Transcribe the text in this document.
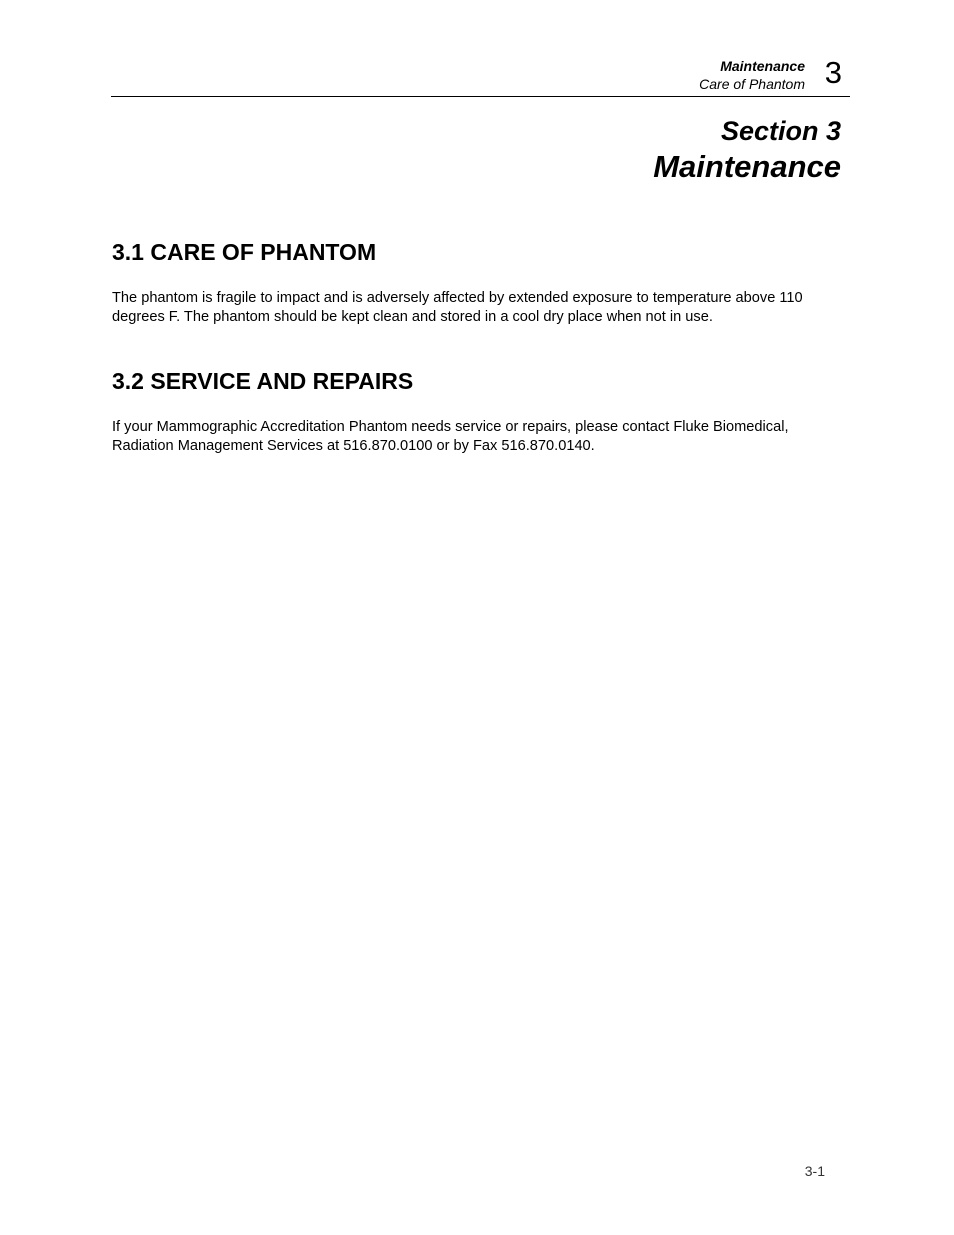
Maintenance
Care of Phantom 3
Section 3
Maintenance
3.1 CARE OF PHANTOM

The phantom is fragile to impact and is adversely affected by extended exposure to temperature above 110 degrees F. The phantom should be kept clean and stored in a cool dry place when not in use.

3.2 SERVICE AND REPAIRS

If your Mammographic Accreditation Phantom needs service or repairs, please contact Fluke Biomedical, Radiation Management Services at 516.870.0100 or by Fax 516.870.0140.

3-1
